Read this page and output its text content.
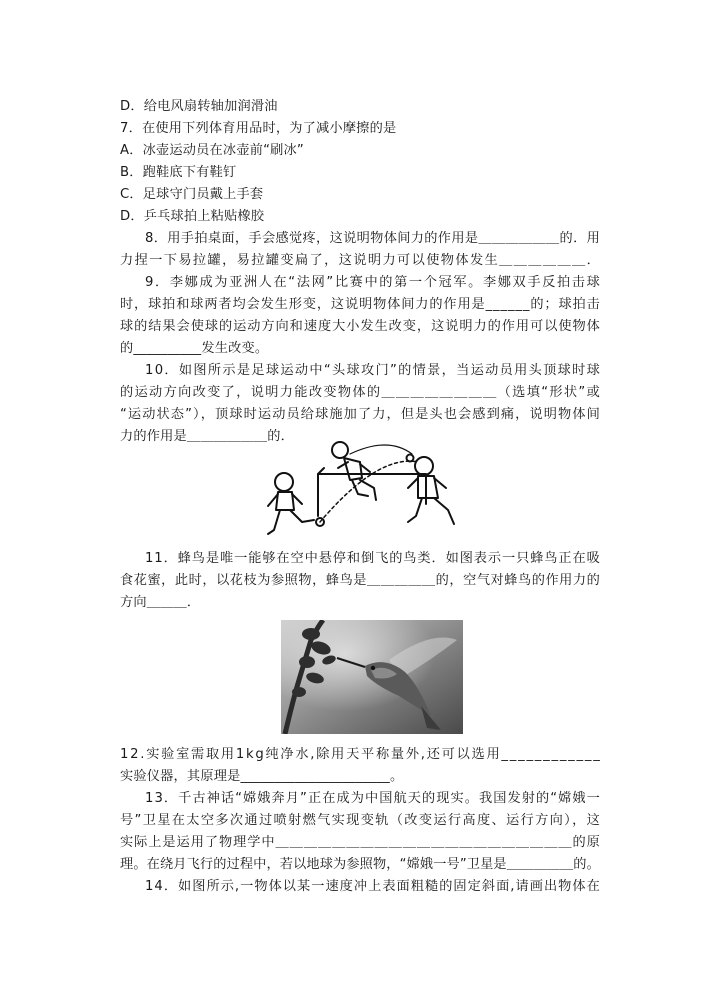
D．给电风扇转轴加润滑油
7．在使用下列体育用品时，为了减小摩擦的是
A．冰壶运动员在冰壶前“刷冰”
B．跑鞋底下有鞋钉
C．足球守门员戴上手套
D．乒乓球拍上粘贴橡胶
8．用手拍桌面，手会感觉疼，这说明物体间力的作用是＿＿＿＿＿＿的．用
力捏一下易拉罐，易拉罐变扁了，这说明力可以使物体发生＿＿＿＿＿＿．
9．李娜成为亚洲人在“法网”比赛中的第一个冠军。李娜双手反拍击球
时，球拍和球两者均会发生形变，这说明物体间力的作用是______的；球拍击
球的结果会使球的运动方向和速度大小发生改变，这说明力的作用可以使物体
的__________发生改变。
10．如图所示是足球运动中“头球攻门”的情景，当运动员用头顶球时球
的运动方向改变了，说明力能改变物体的＿＿＿＿＿＿＿＿（选填“形状”或
“运动状态”），顶球时运动员给球施加了力，但是头也会感到痛，说明物体间
力的作用是＿＿＿＿＿＿的．
11．蜂鸟是唯一能够在空中悬停和倒飞的鸟类．如图表示一只蜂鸟正在吸
食花蜜，此时，以花枝为参照物，蜂鸟是＿＿＿＿＿的，空气对蜂鸟的作用力的
方向＿＿＿．
12.实验室需取用1kg纯净水,除用天平称量外,还可以选用____________
实验仪器，其原理是______________________。
13．千古神话“嫦娥奔月”正在成为中国航天的现实。我国发射的“嫦娥一
号”卫星在太空多次通过喷射燃气实现变轨（改变运行高度、运行方向），这
实际上是运用了物理学中＿＿＿＿＿＿＿＿＿＿＿＿＿＿＿＿＿＿＿＿＿的原
理。在绕月飞行的过程中，若以地球为参照物，“嫦娥一号”卫星是＿＿＿＿＿的。
14．如图所示,一物体以某一速度冲上表面粗糙的固定斜面,请画出物体在
